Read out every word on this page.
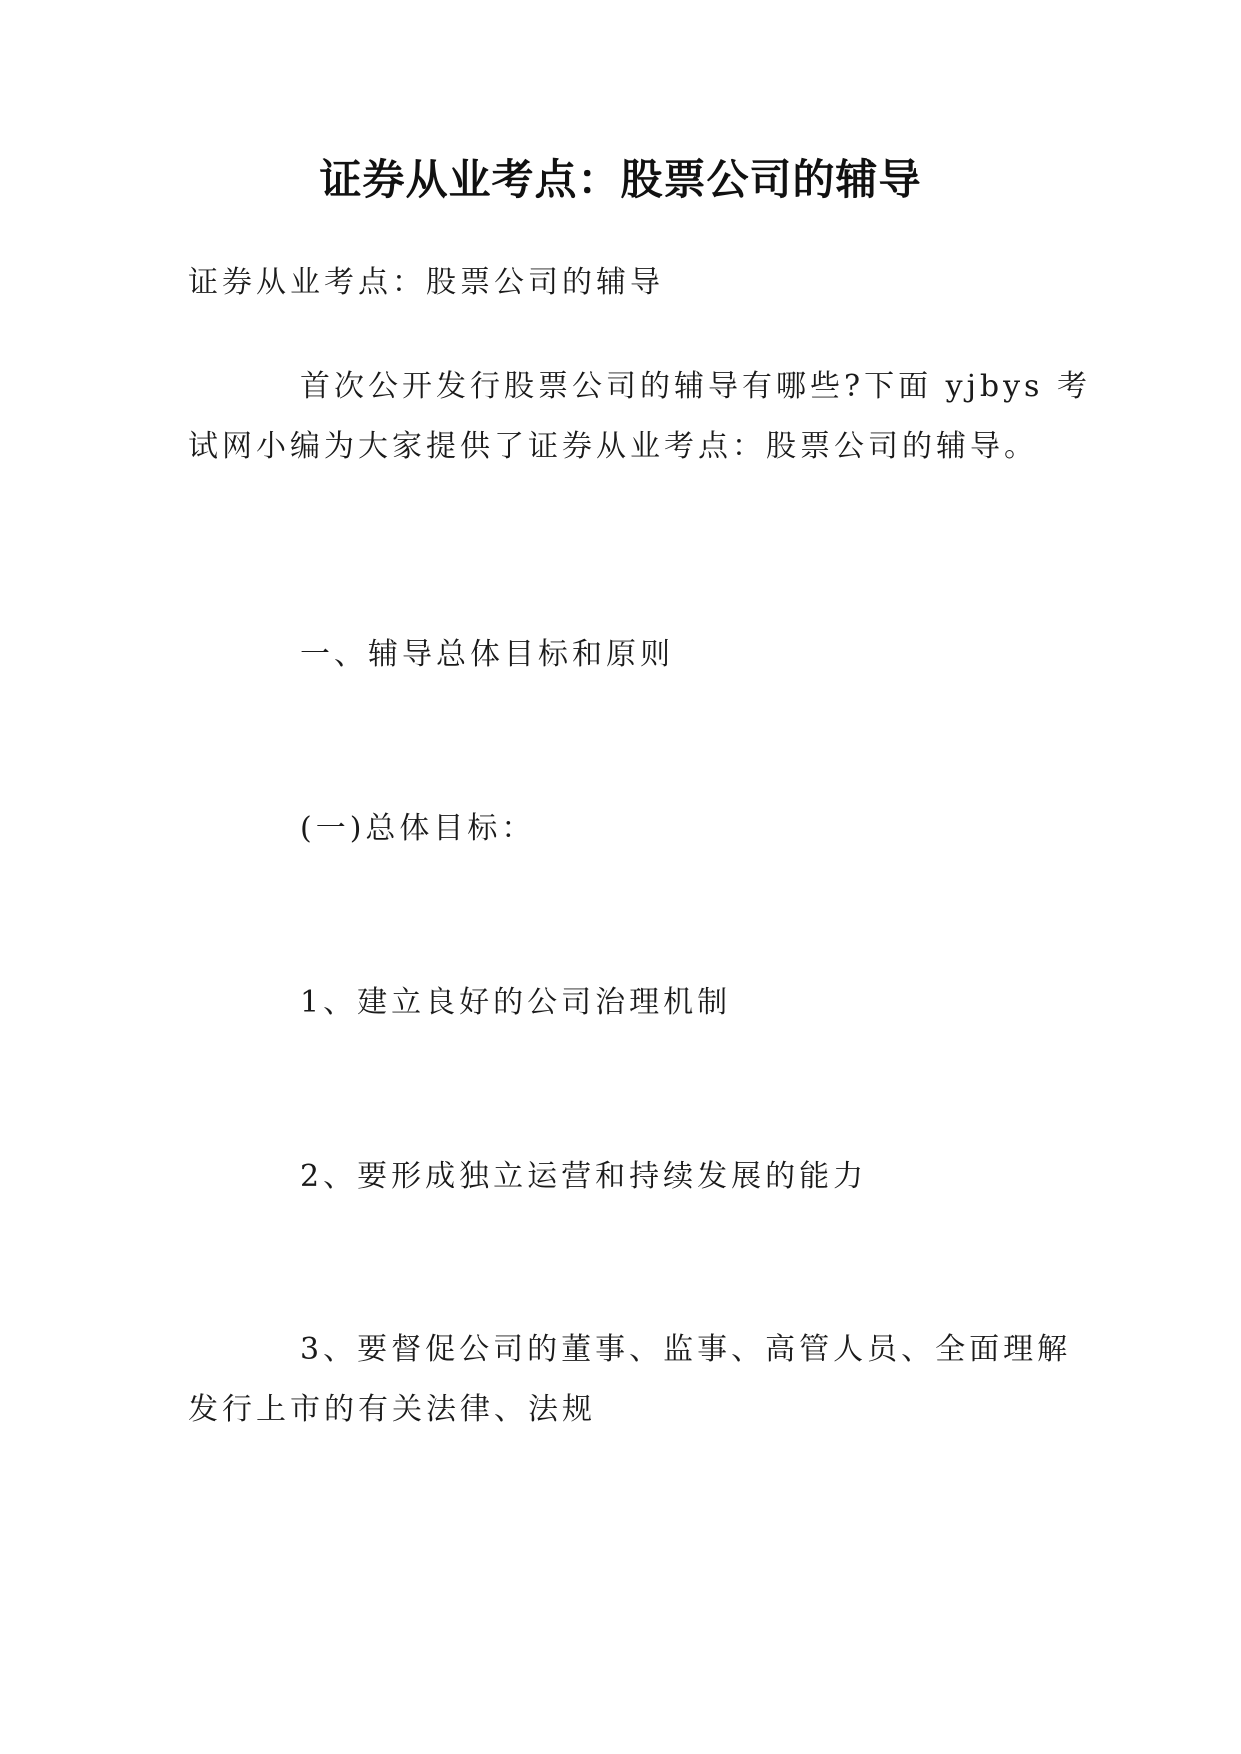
证券从业考点：股票公司的辅导
证券从业考点：股票公司的辅导
首次公开发行股票公司的辅导有哪些?下面 yjbys 考
试网小编为大家提供了证券从业考点：股票公司的辅导。
一、辅导总体目标和原则
(一)总体目标：
1、建立良好的公司治理机制
2、要形成独立运营和持续发展的能力
3、要督促公司的董事、监事、高管人员、全面理解
发行上市的有关法律、法规
